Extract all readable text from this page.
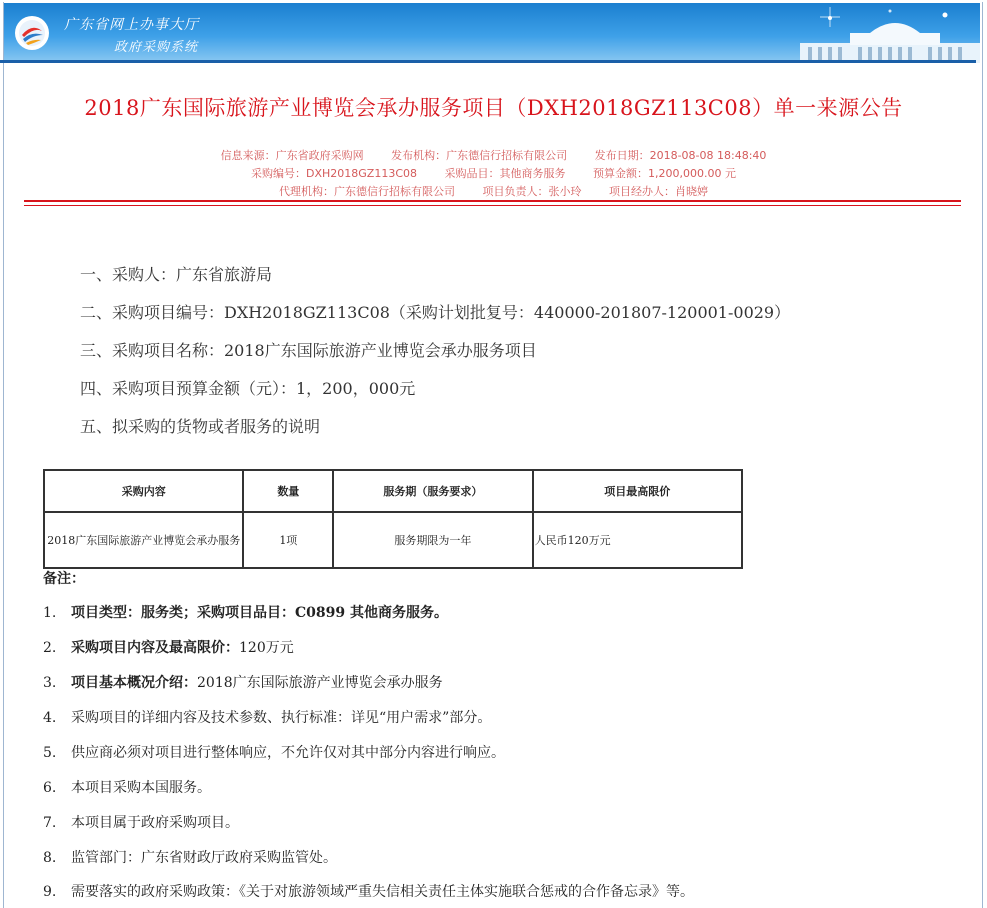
广东省网上办事大厅
政府采购系统
2018广东国际旅游产业博览会承办服务项目（DXH2018GZ113C08）单一来源公告
信息来源：广东省政府采购网	发布机构：广东德信行招标有限公司	发布日期：2018-08-08 18:48:40
采购编号：DXH2018GZ113C08	采购品目：其他商务服务	预算金额：1,200,000.00 元
代理机构：广东德信行招标有限公司	项目负责人：张小玲	项目经办人：肖晓婷
一、采购人：广东省旅游局
二、采购项目编号：DXH2018GZ113C08（采购计划批复号：440000-201807-120001-0029）
三、采购项目名称：2018广东国际旅游产业博览会承办服务项目
四、采购项目预算金额（元）：1，200，000元
五、拟采购的货物或者服务的说明
采购内容	数量	服务期（服务要求）	项目最高限价
2018广东国际旅游产业博览会承办服务	1项	服务期限为一年	人民币120万元
备注：
1. 项目类型：服务类；采购项目品目：C0899 其他商务服务。
2. 采购项目内容及最高限价：120万元
3. 项目基本概况介绍：2018广东国际旅游产业博览会承办服务
4. 采购项目的详细内容及技术参数、执行标准：详见“用户需求”部分。
5. 供应商必须对项目进行整体响应，不允许仅对其中部分内容进行响应。
6. 本项目采购本国服务。
7. 本项目属于政府采购项目。
8. 监管部门：广东省财政厅政府采购监管处。
9. 需要落实的政府采购政策：《关于对旅游领域严重失信相关责任主体实施联合惩戒的合作备忘录》等。
